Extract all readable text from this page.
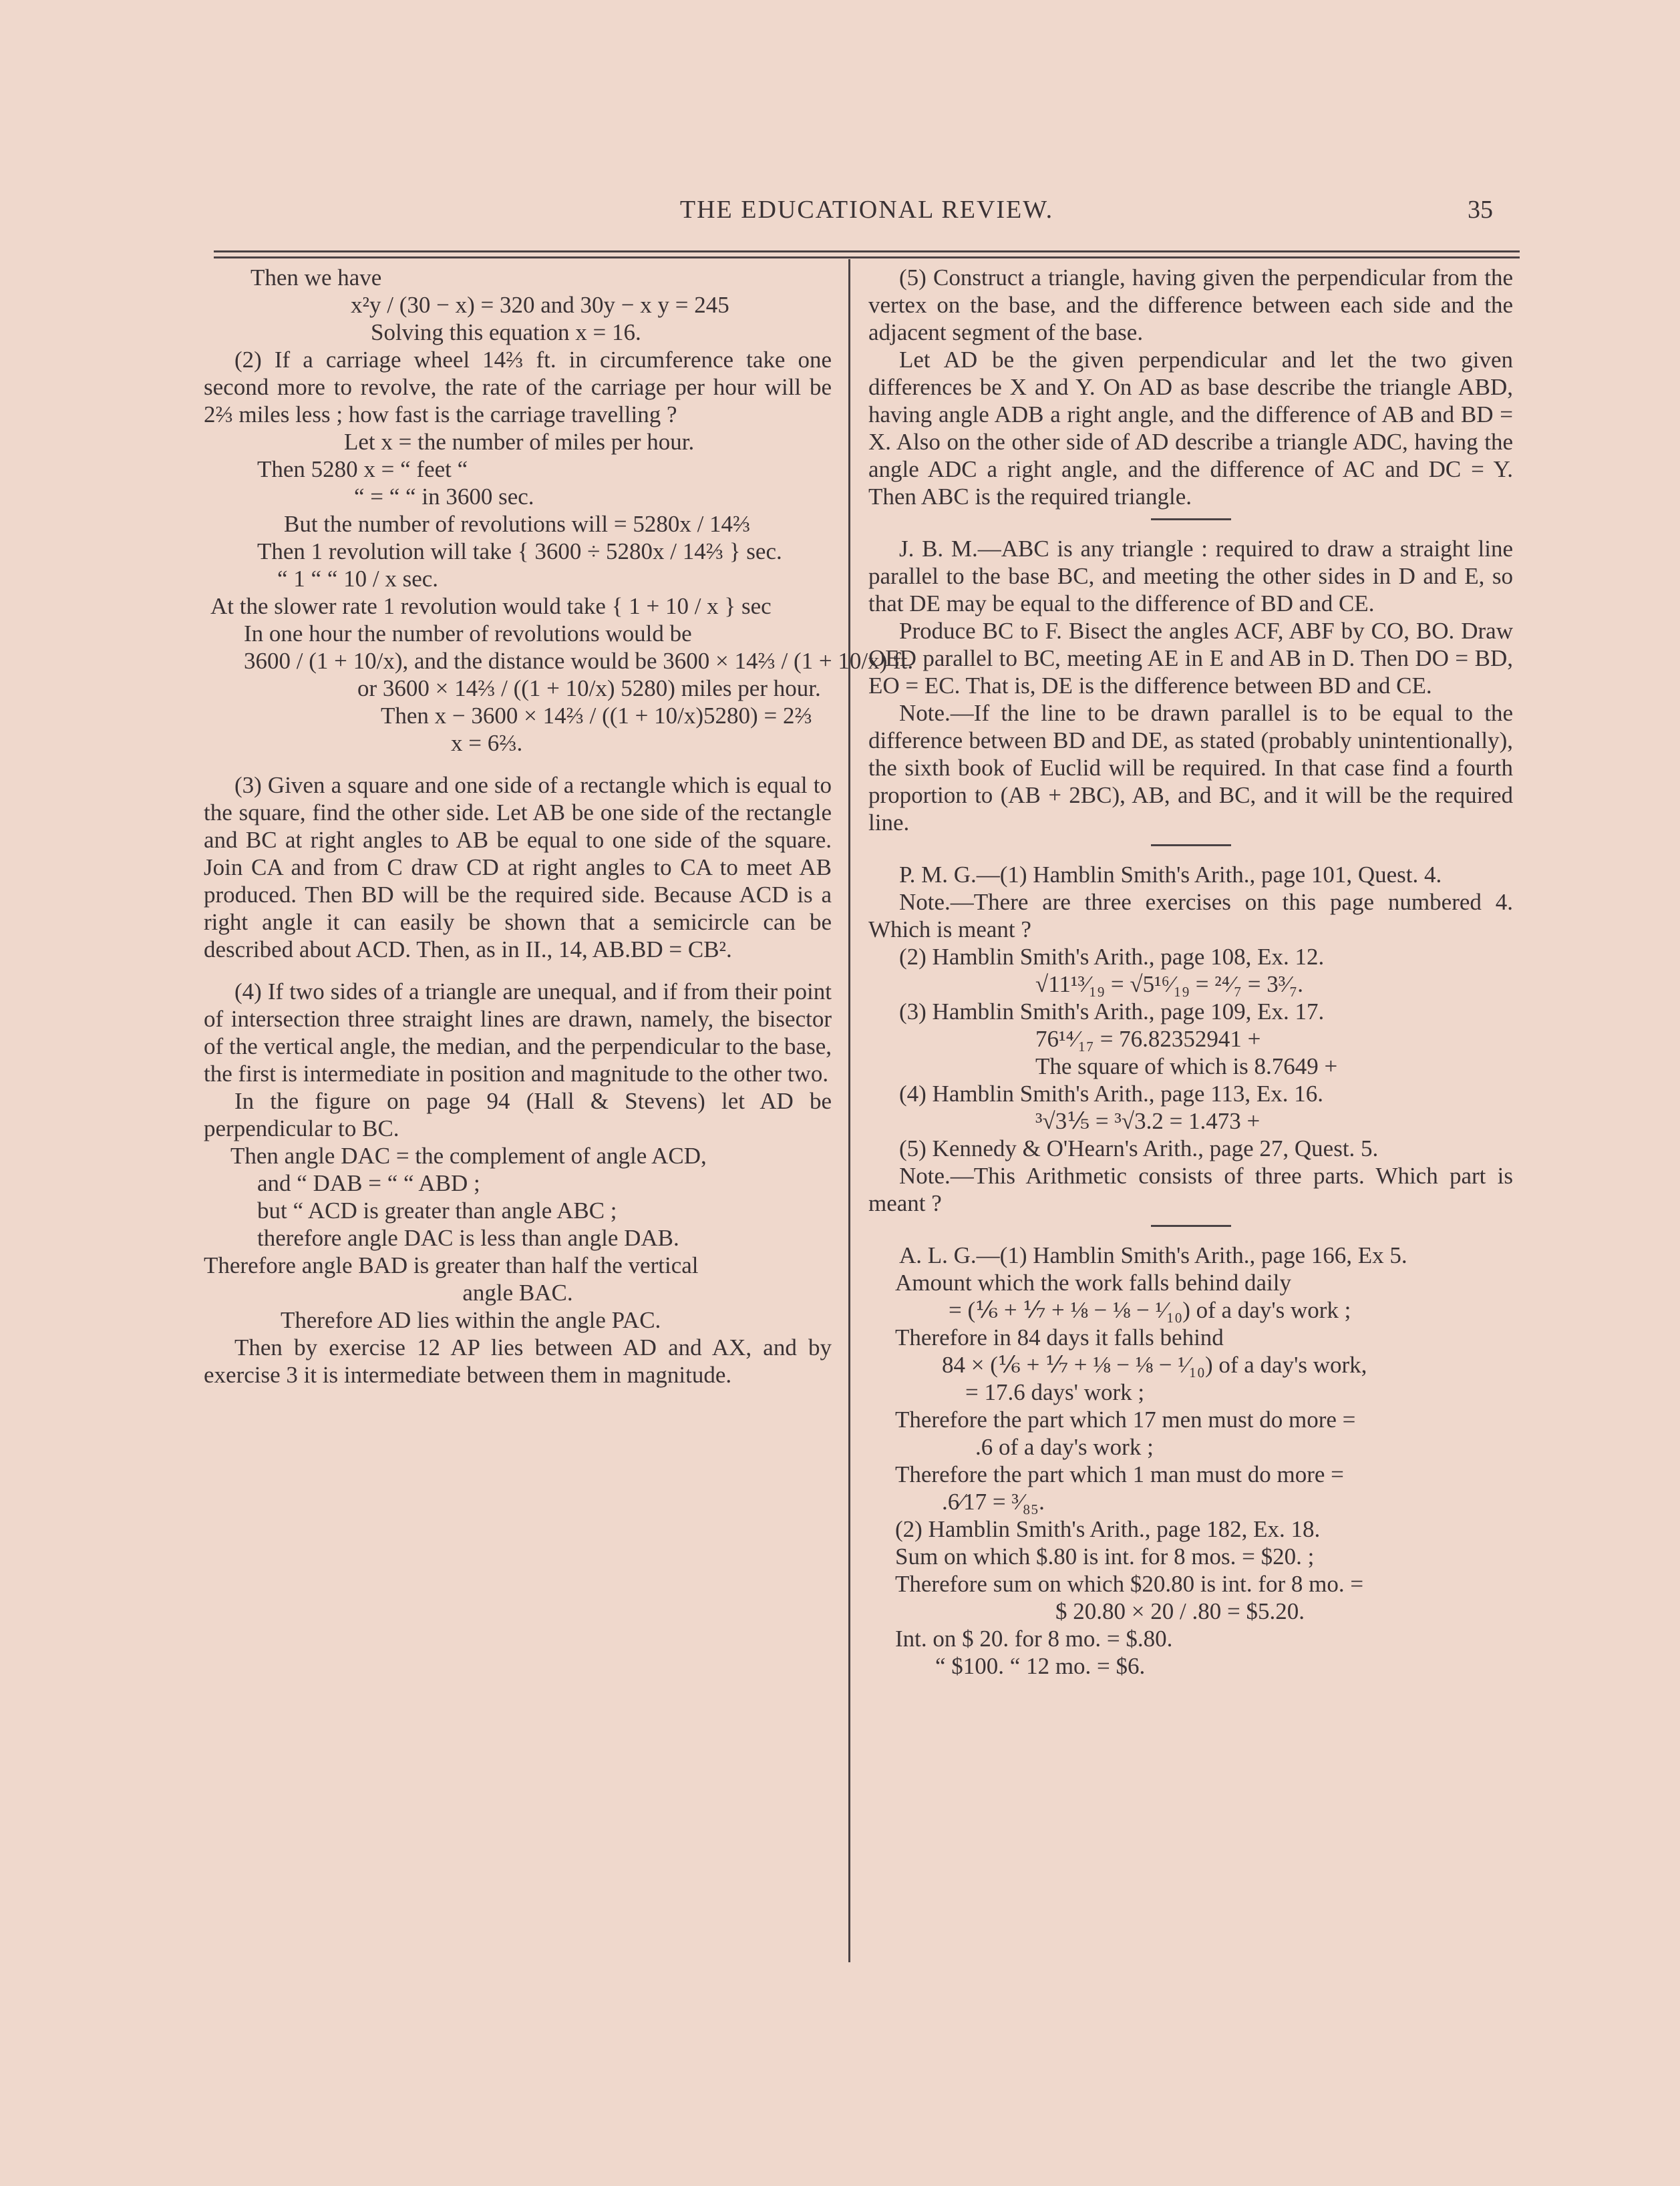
THE EDUCATIONAL REVIEW.	35

Then we have

x²y / (30 − x) = 320 and 30y − x y = 245

Solving this equation x = 16.

(2) If a carriage wheel 14⅔ ft. in circumference take one second more to revolve, the rate of the carriage per hour will be 2⅔ miles less ; how fast is the carriage travelling ?

Let x = the number of miles per hour.

Then 5280 x = “ feet “

“ = “ “ in 3600 sec.

But the number of revolutions will = 5280x / 14⅔

Then 1 revolution will take { 3600 ÷ 5280x / 14⅔ } sec.

“ 1 “ “ 10 / x sec.

At the slower rate 1 revolution would take { 1 + 10 / x } sec

In one hour the number of revolutions would be

3600 / (1 + 10/x), and the distance would be 3600 × 14⅔ / (1 + 10/x) ft.

or 3600 × 14⅔ / ((1 + 10/x) 5280) miles per hour.

Then x − 3600 × 14⅔ / ((1 + 10/x)5280) = 2⅔

x = 6⅔.

(3) Given a square and one side of a rectangle which is equal to the square, find the other side. Let AB be one side of the rectangle and BC at right angles to AB be equal to one side of the square. Join CA and from C draw CD at right angles to CA to meet AB produced. Then BD will be the required side. Because ACD is a right angle it can easily be shown that a semicircle can be described about ACD. Then, as in II., 14, AB.BD = CB².

(4) If two sides of a triangle are unequal, and if from their point of intersection three straight lines are drawn, namely, the bisector of the vertical angle, the median, and the perpendicular to the base, the first is intermediate in position and magnitude to the other two.

In the figure on page 94 (Hall & Stevens) let AD be perpendicular to BC.

Then angle DAC = the complement of angle ACD,

and “ DAB = “ “ ABD ;

but “ ACD is greater than angle ABC ;

therefore angle DAC is less than angle DAB.

Therefore angle BAD is greater than half the vertical

angle BAC.

Therefore AD lies within the angle PAC.

Then by exercise 12 AP lies between AD and AX, and by exercise 3 it is intermediate between them in magnitude.

(5) Construct a triangle, having given the perpendicular from the vertex on the base, and the difference between each side and the adjacent segment of the base.

Let AD be the given perpendicular and let the two given differences be X and Y. On AD as base describe the triangle ABD, having angle ADB a right angle, and the difference of AB and BD = X. Also on the other side of AD describe a triangle ADC, having the angle ADC a right angle, and the difference of AC and DC = Y. Then ABC is the required triangle.

J. B. M.—ABC is any triangle : required to draw a straight line parallel to the base BC, and meeting the other sides in D and E, so that DE may be equal to the difference of BD and CE.

Produce BC to F. Bisect the angles ACF, ABF by CO, BO. Draw OED parallel to BC, meeting AE in E and AB in D. Then DO = BD, EO = EC. That is, DE is the difference between BD and CE.

Note.—If the line to be drawn parallel is to be equal to the difference between BD and DE, as stated (probably unintentionally), the sixth book of Euclid will be required. In that case find a fourth proportion to (AB + 2BC), AB, and BC, and it will be the required line.

P. M. G.—(1) Hamblin Smith's Arith., page 101, Quest. 4.

Note.—There are three exercises on this page numbered 4. Which is meant ?

(2) Hamblin Smith's Arith., page 108, Ex. 12.

√11¹³⁄₁₉ = √5¹⁶⁄₁₉ = ²⁴⁄₇ = 3³⁄₇.

(3) Hamblin Smith's Arith., page 109, Ex. 17.

76¹⁴⁄₁₇ = 76.82352941 +

The square of which is 8.7649 +

(4) Hamblin Smith's Arith., page 113, Ex. 16.

³√3⅕ = ³√3.2 = 1.473 +

(5) Kennedy & O'Hearn's Arith., page 27, Quest. 5.

Note.—This Arithmetic consists of three parts. Which part is meant ?

A. L. G.—(1) Hamblin Smith's Arith., page 166, Ex 5.

Amount which the work falls behind daily

= (⅙ + ⅐ + ⅛ − ⅛ − ¹⁄₁₀) of a day's work ;

Therefore in 84 days it falls behind

84 × (⅙ + ⅐ + ⅛ − ⅛ − ¹⁄₁₀) of a day's work,

= 17.6 days' work ;

Therefore the part which 17 men must do more =

.6 of a day's work ;

Therefore the part which 1 man must do more =

.6⁄17 = ³⁄₈₅.

(2) Hamblin Smith's Arith., page 182, Ex. 18.

Sum on which $.80 is int. for 8 mos. = $20. ;

Therefore sum on which $20.80 is int. for 8 mo. =

$ 20.80 × 20 / .80 = $5.20.

Int. on $ 20. for 8 mo. = $.80.

“ $100. “ 12 mo. = $6.
